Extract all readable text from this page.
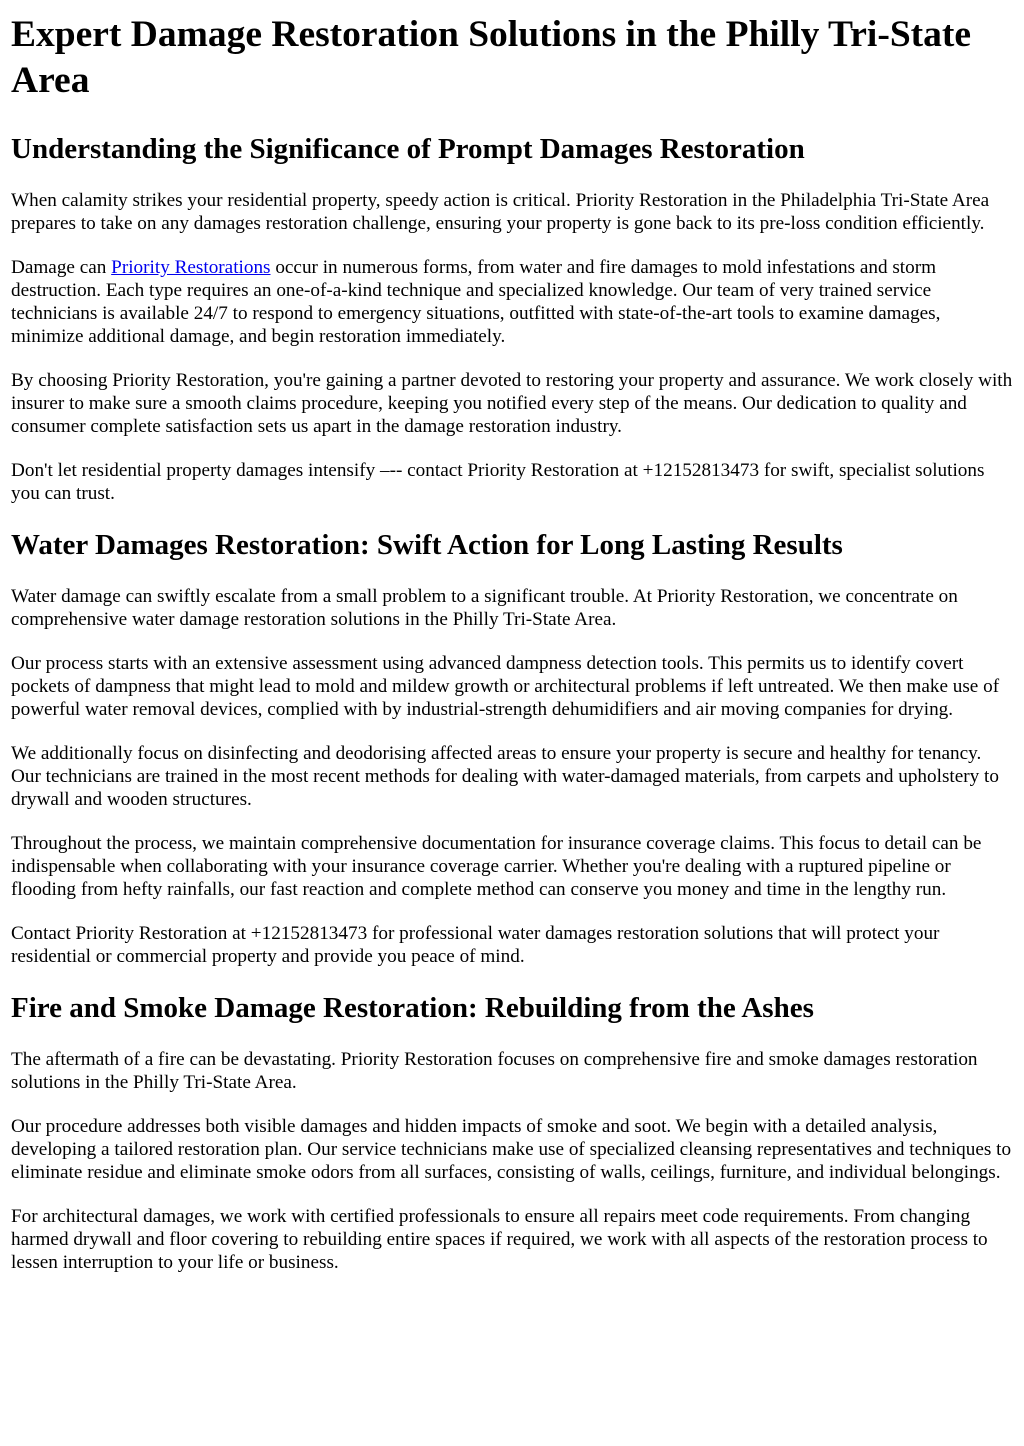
Expert Damage Restoration Solutions in the Philly Tri-State Area
Understanding the Significance of Prompt Damages Restoration

When calamity strikes your residential property, speedy action is critical. Priority Restoration in the Philadelphia Tri-State Area prepares to take on any damages restoration challenge, ensuring your property is gone back to its pre-loss condition efficiently.

Damage can Priority Restorations occur in numerous forms, from water and fire damages to mold infestations and storm destruction. Each type requires an one-of-a-kind technique and specialized knowledge. Our team of very trained service technicians is available 24/7 to respond to emergency situations, outfitted with state-of-the-art tools to examine damages, minimize additional damage, and begin restoration immediately.

By choosing Priority Restoration, you're gaining a partner devoted to restoring your property and assurance. We work closely with insurer to make sure a smooth claims procedure, keeping you notified every step of the means. Our dedication to quality and consumer complete satisfaction sets us apart in the damage restoration industry.

Don't let residential property damages intensify –-- contact Priority Restoration at +12152813473 for swift, specialist solutions you can trust.

Water Damages Restoration: Swift Action for Long Lasting Results

Water damage can swiftly escalate from a small problem to a significant trouble. At Priority Restoration, we concentrate on comprehensive water damage restoration solutions in the Philly Tri-State Area.

Our process starts with an extensive assessment using advanced dampness detection tools. This permits us to identify covert pockets of dampness that might lead to mold and mildew growth or architectural problems if left untreated. We then make use of powerful water removal devices, complied with by industrial-strength dehumidifiers and air moving companies for drying.

We additionally focus on disinfecting and deodorising affected areas to ensure your property is secure and healthy for tenancy. Our technicians are trained in the most recent methods for dealing with water-damaged materials, from carpets and upholstery to drywall and wooden structures.

Throughout the process, we maintain comprehensive documentation for insurance coverage claims. This focus to detail can be indispensable when collaborating with your insurance coverage carrier. Whether you're dealing with a ruptured pipeline or flooding from hefty rainfalls, our fast reaction and complete method can conserve you money and time in the lengthy run.

Contact Priority Restoration at +12152813473 for professional water damages restoration solutions that will protect your residential or commercial property and provide you peace of mind.

Fire and Smoke Damage Restoration: Rebuilding from the Ashes

The aftermath of a fire can be devastating. Priority Restoration focuses on comprehensive fire and smoke damages restoration solutions in the Philly Tri-State Area.

Our procedure addresses both visible damages and hidden impacts of smoke and soot. We begin with a detailed analysis, developing a tailored restoration plan. Our service technicians make use of specialized cleansing representatives and techniques to eliminate residue and eliminate smoke odors from all surfaces, consisting of walls, ceilings, furniture, and individual belongings.

For architectural damages, we work with certified professionals to ensure all repairs meet code requirements. From changing harmed drywall and floor covering to rebuilding entire spaces if required, we work with all aspects of the restoration process to lessen interruption to your life or business.
